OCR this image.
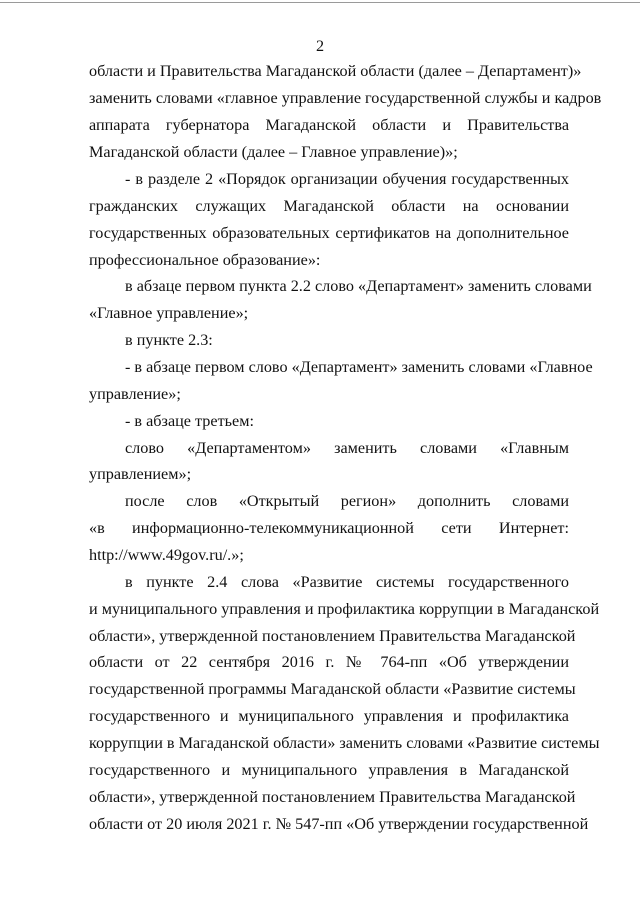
2
области и Правительства Магаданской области (далее – Департамент)»
заменить словами «главное управление государственной службы и кадров
аппарата губернатора Магаданской области и Правительства
Магаданской области (далее – Главное управление)»;
- в разделе 2 «Порядок организации обучения государственных
гражданских служащих Магаданской области на основании
государственных образовательных сертификатов на дополнительное
профессиональное образование»:
в абзаце первом пункта 2.2 слово «Департамент» заменить словами
«Главное управление»;
в пункте 2.3:
- в абзаце первом слово «Департамент» заменить словами «Главное
управление»;
- в абзаце третьем:
слово «Департаментом» заменить словами «Главным
управлением»;
после слов «Открытый регион» дополнить словами
«в информационно-телекоммуникационной сети Интернет:
http://www.49gov.ru/.»;
в пункте 2.4 слова «Развитие системы государственного
и муниципального управления и профилактика коррупции в Магаданской
области», утвержденной постановлением Правительства Магаданской
области от 22 сентября 2016 г. № 764-пп «Об утверждении
государственной программы Магаданской области «Развитие системы
государственного и муниципального управления и профилактика
коррупции в Магаданской области» заменить словами «Развитие системы
государственного и муниципального управления в Магаданской
области», утвержденной постановлением Правительства Магаданской
области от 20 июля 2021 г. № 547-пп «Об утверждении государственной
